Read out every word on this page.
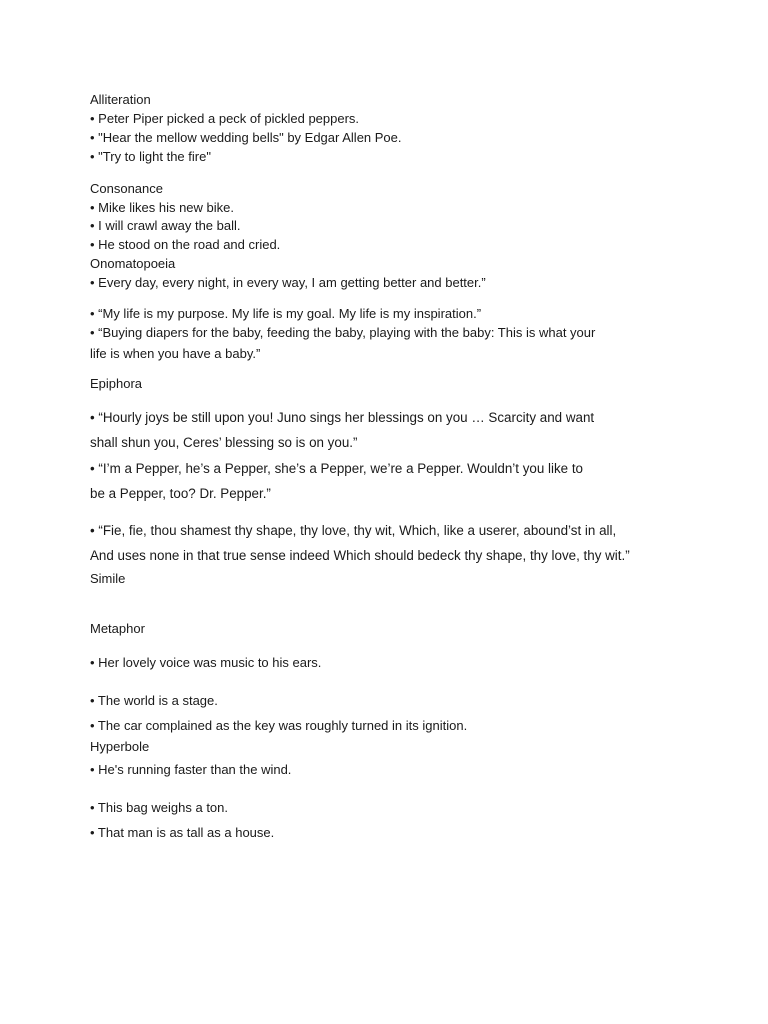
Alliteration
• Peter Piper picked a peck of pickled peppers.
• "Hear the mellow wedding bells" by Edgar Allen Poe.
• "Try to light the fire"
Consonance
• Mike likes his new bike.
• I will crawl away the ball.
• He stood on the road and cried.
Onomatopoeia
• Every day, every night, in every way, I am getting better and better.”
• “My life is my purpose. My life is my goal. My life is my inspiration.”
• “Buying diapers for the baby, feeding the baby, playing with the baby: This is what your
life is when you have a baby.”
Epiphora
• “Hourly joys be still upon you! Juno sings her blessings on you … Scarcity and want
shall shun you, Ceres’ blessing so is on you.”
• “I’m a Pepper, he’s a Pepper, she’s a Pepper, we’re a Pepper. Wouldn’t you like to
be a Pepper, too? Dr. Pepper.”
• “Fie, fie, thou shamest thy shape, thy love, thy wit, Which, like a userer, abound’st in all,
And uses none in that true sense indeed Which should bedeck thy shape, thy love, thy wit.”
Simile
Metaphor
• Her lovely voice was music to his ears.
• The world is a stage.
• The car complained as the key was roughly turned in its ignition.
Hyperbole
• He's running faster than the wind.
• This bag weighs a ton.
• That man is as tall as a house.
